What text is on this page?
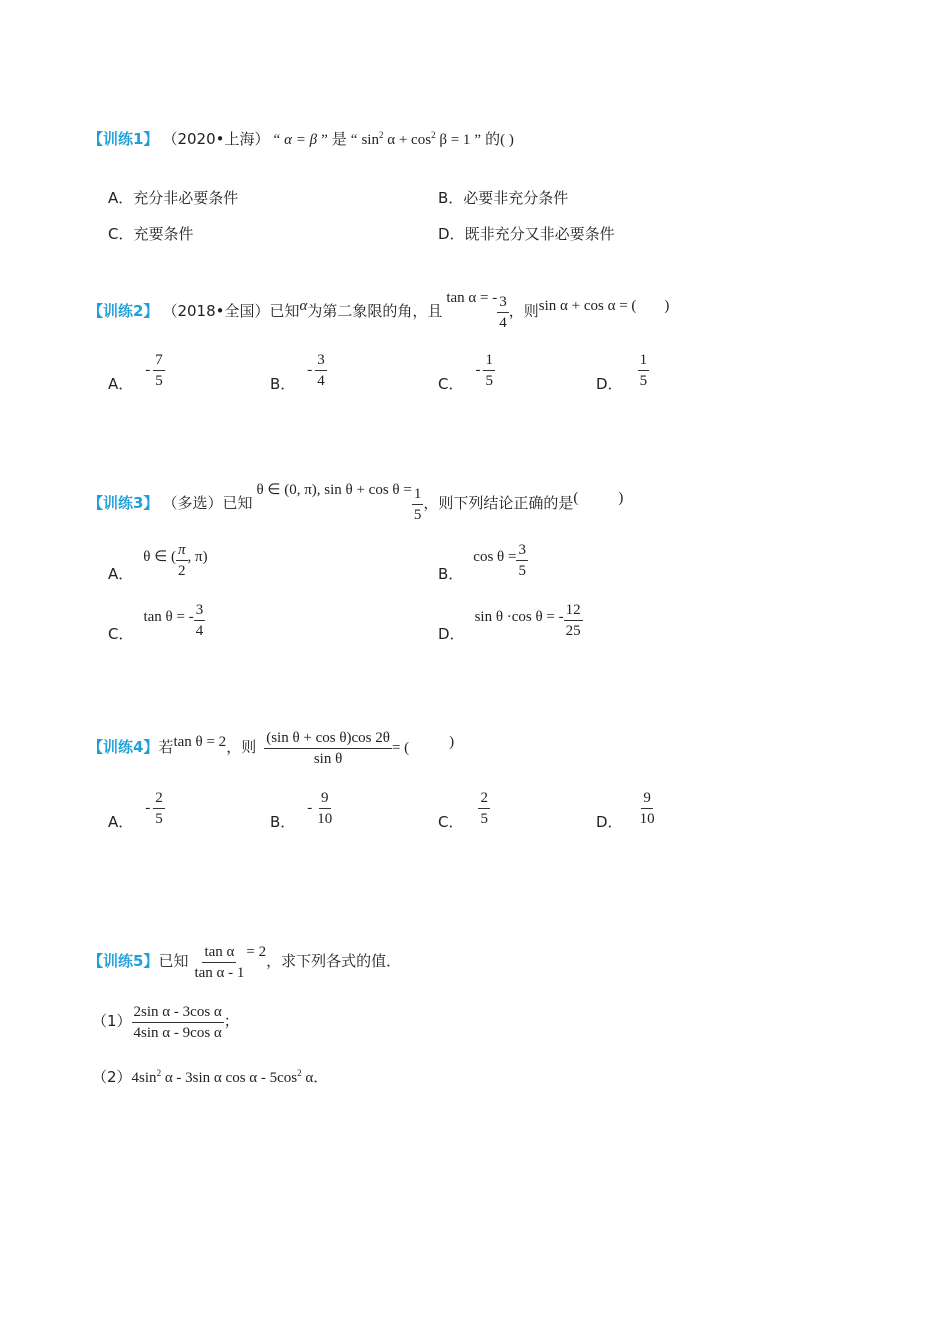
【训练1】 （2020•上海） “ α = β ” 是 “ $\sin^2 \alpha + \cos^2 \beta = 1$ ” 的( )
A．充分非必要条件	B．必要非充分条件
C．充要条件	D．既非充分又非必要条件
【训练2】 （2018•全国）已知α为第二象限的角，且 tan α = - $\frac{3}{4}$ ，则sin α + cos α = ( )
A．- $\frac{7}{5}$	B．- $\frac{3}{4}$	C．- $\frac{1}{5}$	D． $\frac{1}{5}$
【训练3】 （多选）已知 θ ∈ (0, π), $\sin \theta + \cos \theta = \frac{1}{5}$ ，则下列结论正确的是(	)
A．θ ∈ ( $\frac{\pi}{2}$ , π)
B．$\cos \theta = \frac{3}{5}$
C．tan θ = - $\frac{3}{4}$	D．sin θ ·cos θ = - $\frac{12}{25}$
【训练4】若tan θ = 2，则 $\frac{\text{(sin θ + cos θ)cos 2θ}}{\text{sin θ}}$ = (	)
A．- $\frac{2}{5}$	B．- $\frac{9}{10}$	C． $\frac{2}{5}$	D． $\frac{9}{10}$
【训练5】已知 $\frac{\text{tan α}}{\text{tan α - 1}} = 2$，求下列各式的值．
$(1) \frac{\text{2sin α - 3cos α}}{\text{4sin α - 9cos α}}$ ；
$(2)4\sin^2$ α - 3sin α cos α - $5\cos^2$ α．
